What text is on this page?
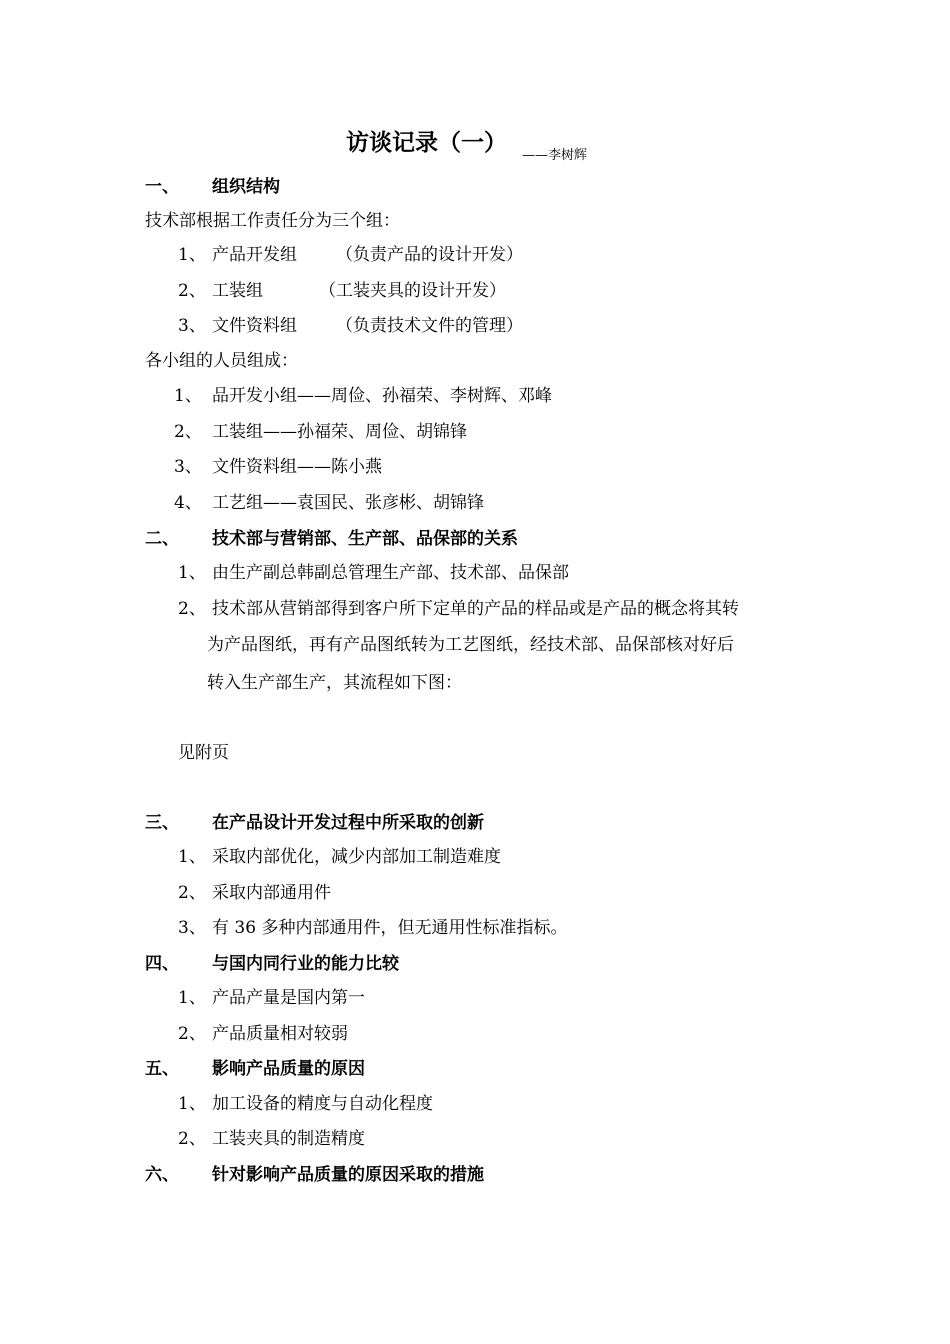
访谈记录（一） ——李树辉
一、 组织结构
技术部根据工作责任分为三个组：
1、 产品开发组 （负责产品的设计开发）
2、 工装组	（工装夹具的设计开发）
3、 文件资料组 （负责技术文件的管理）
各小组的人员组成：
1、 品开发小组——周俭、孙福荣、李树辉、邓峰
2、 工装组——孙福荣、周俭、胡锦锋
3、 文件资料组——陈小燕
4、 工艺组——袁国民、张彦彬、胡锦锋
二、 技术部与营销部、生产部、品保部的关系
1、 由生产副总韩副总管理生产部、技术部、品保部
2、 技术部从营销部得到客户所下定单的产品的样品或是产品的概念将其转
为产品图纸，再有产品图纸转为工艺图纸，经技术部、品保部核对好后
转入生产部生产，其流程如下图：
见附页
三、 在产品设计开发过程中所采取的创新
1、 采取内部优化，减少内部加工制造难度
2、 采取内部通用件
3、 有 36 多种内部通用件，但无通用性标准指标。
四、 与国内同行业的能力比较
1、 产品产量是国内第一
2、 产品质量相对较弱
五、 影响产品质量的原因
1、 加工设备的精度与自动化程度
2、 工装夹具的制造精度
六、 针对影响产品质量的原因采取的措施
